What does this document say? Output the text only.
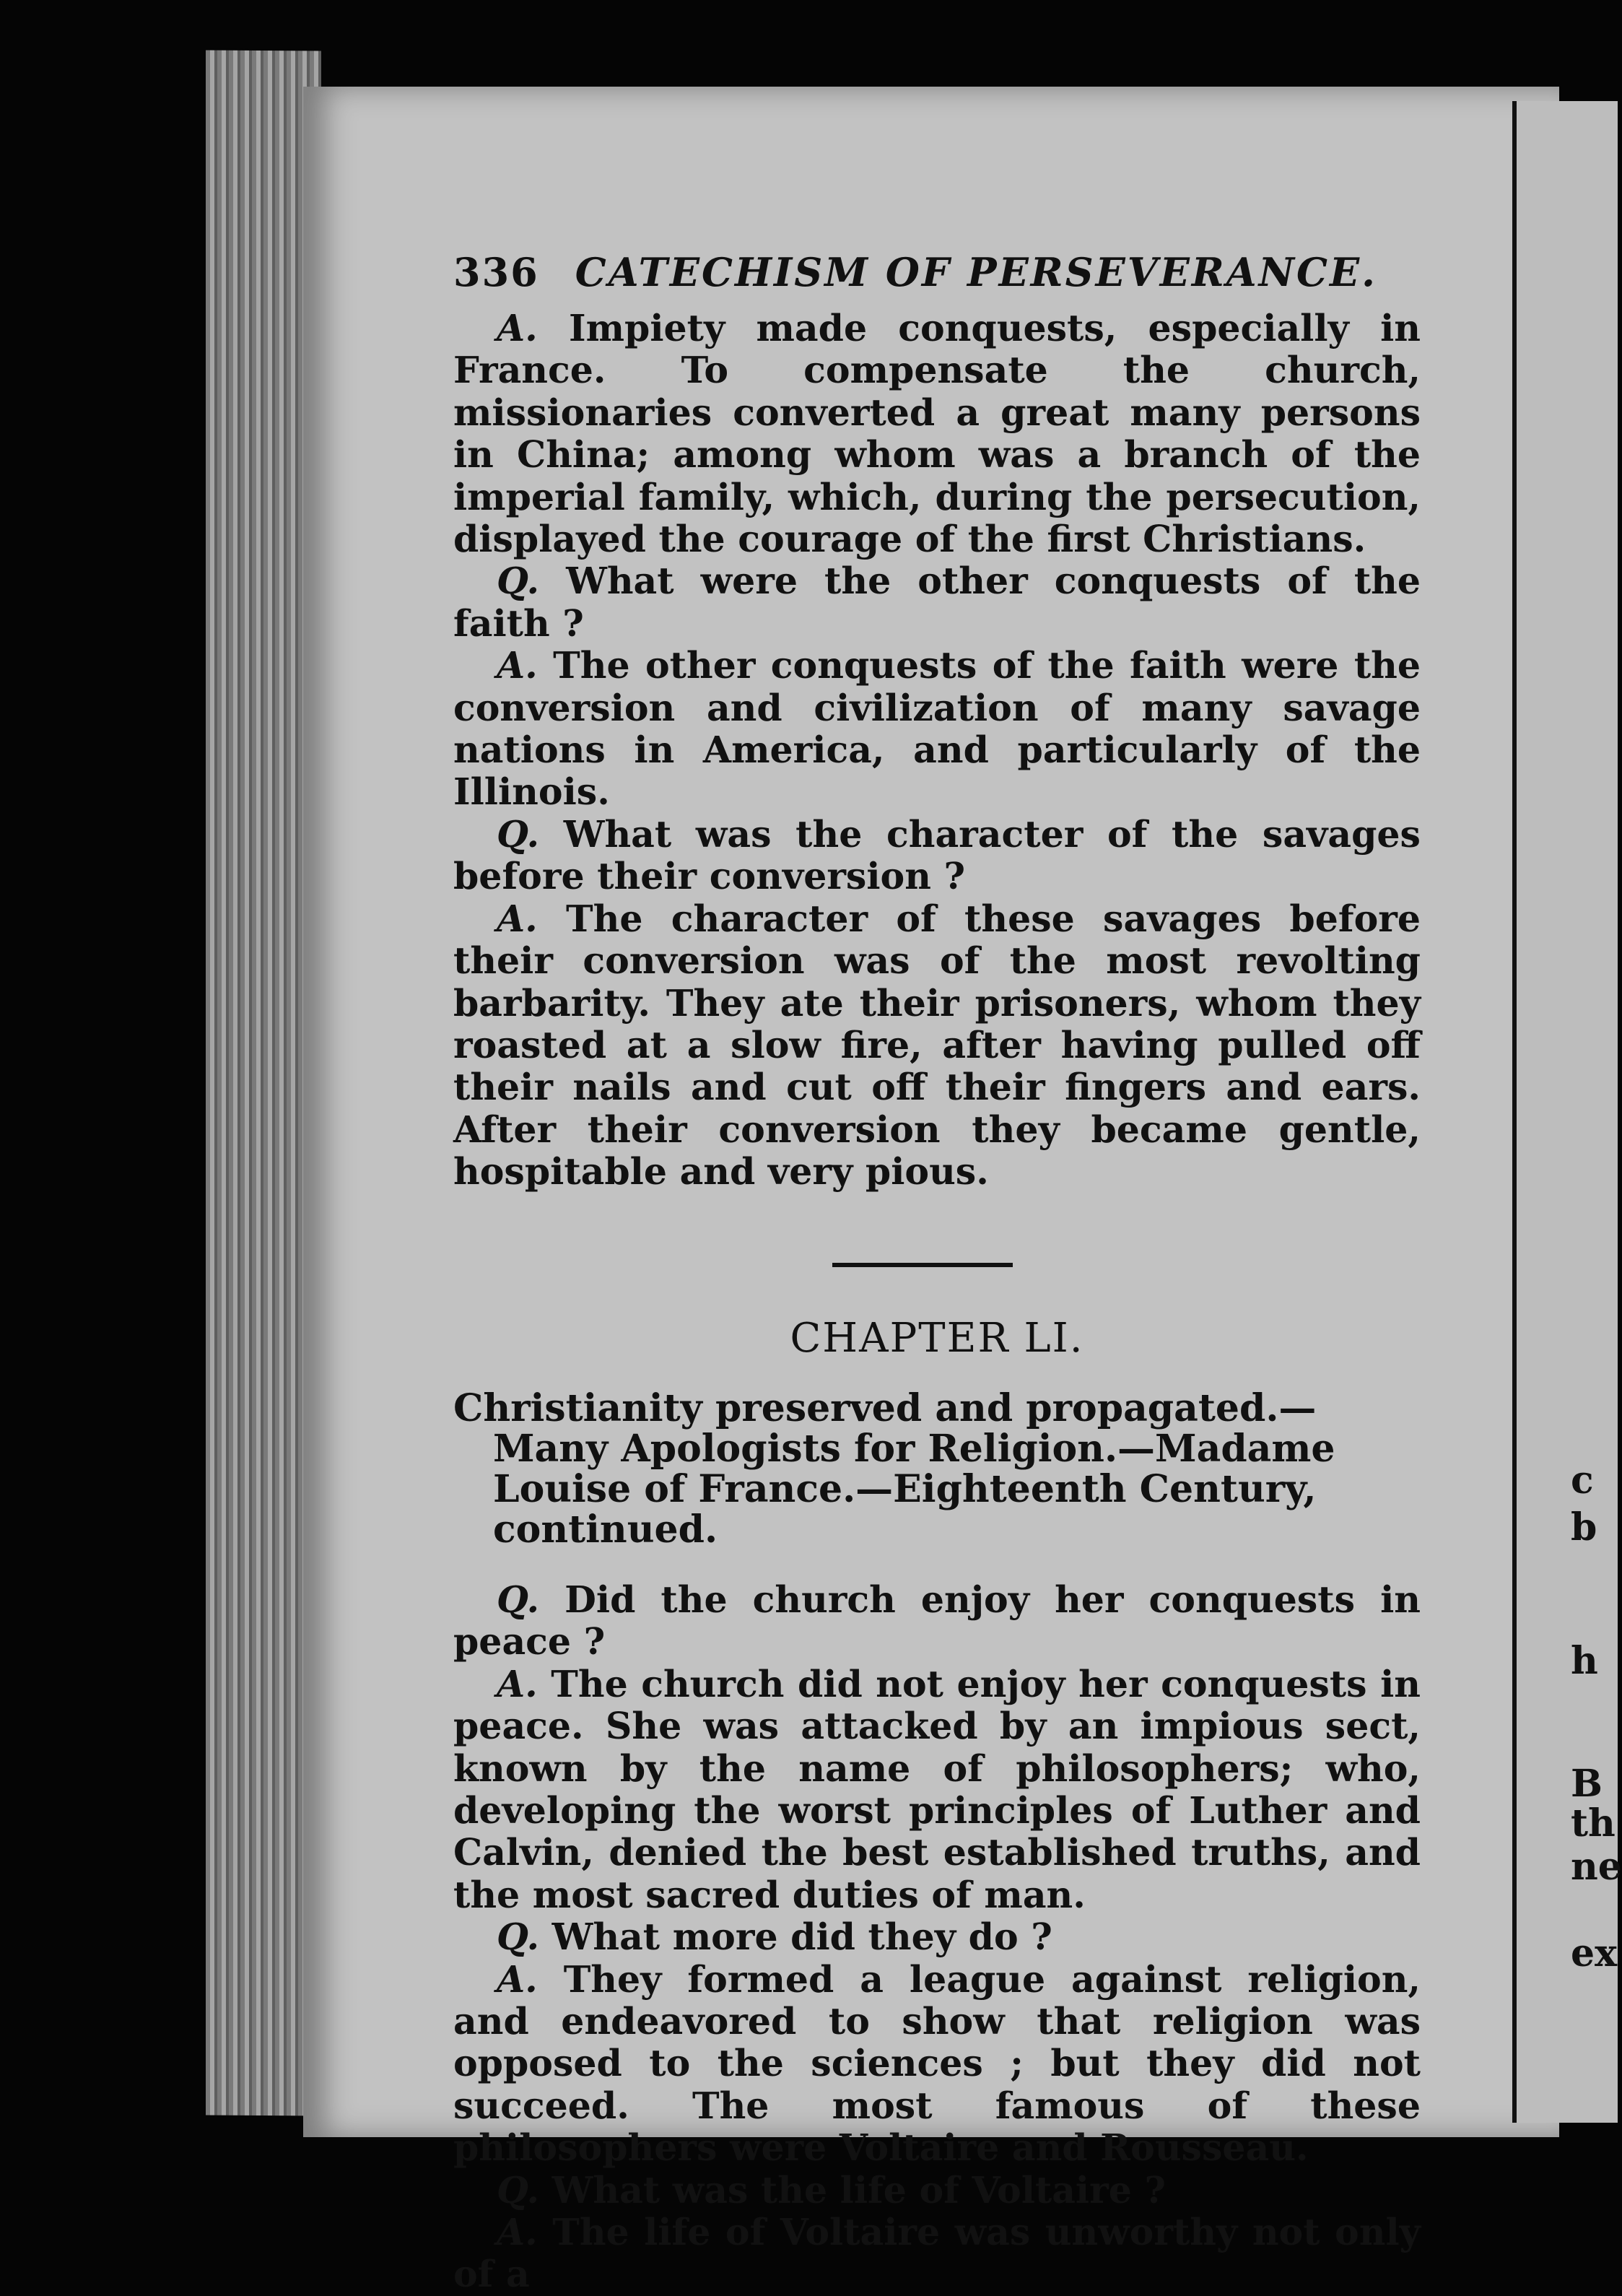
c
b
h
B
th
ne
ex
336 CATECHISM OF PERSEVERANCE.

A. Impiety made conquests, especially in France. To compensate the church, missionaries converted a great many persons in China; among whom was a branch of the imperial family, which, during the persecution, displayed the courage of the first Christians.

Q. What were the other conquests of the faith ?

A. The other conquests of the faith were the conversion and civilization of many savage nations in America, and particularly of the Illinois.

Q. What was the character of the savages before their conversion ?

A. The character of these savages before their conversion was of the most revolting barbarity. They ate their prisoners, whom they roasted at a slow fire, after having pulled off their nails and cut off their fingers and ears. After their conversion they became gentle, hospitable and very pious.

CHAPTER LI.

Christianity preserved and propagated.—Many Apologists for Religion.—Madame Louise of France.—Eighteenth Century, continued.

Q. Did the church enjoy her conquests in peace ?

A. The church did not enjoy her conquests in peace. She was attacked by an impious sect, known by the name of philosophers; who, developing the worst principles of Luther and Calvin, denied the best established truths, and the most sacred duties of man.

Q. What more did they do ?

A. They formed a league against religion, and endeavored to show that religion was opposed to the sciences ; but they did not succeed. The most famous of these philosophers were Voltaire and Rousseau.

Q. What was the life of Voltaire ?

A. The life of Voltaire was unworthy not only of a
